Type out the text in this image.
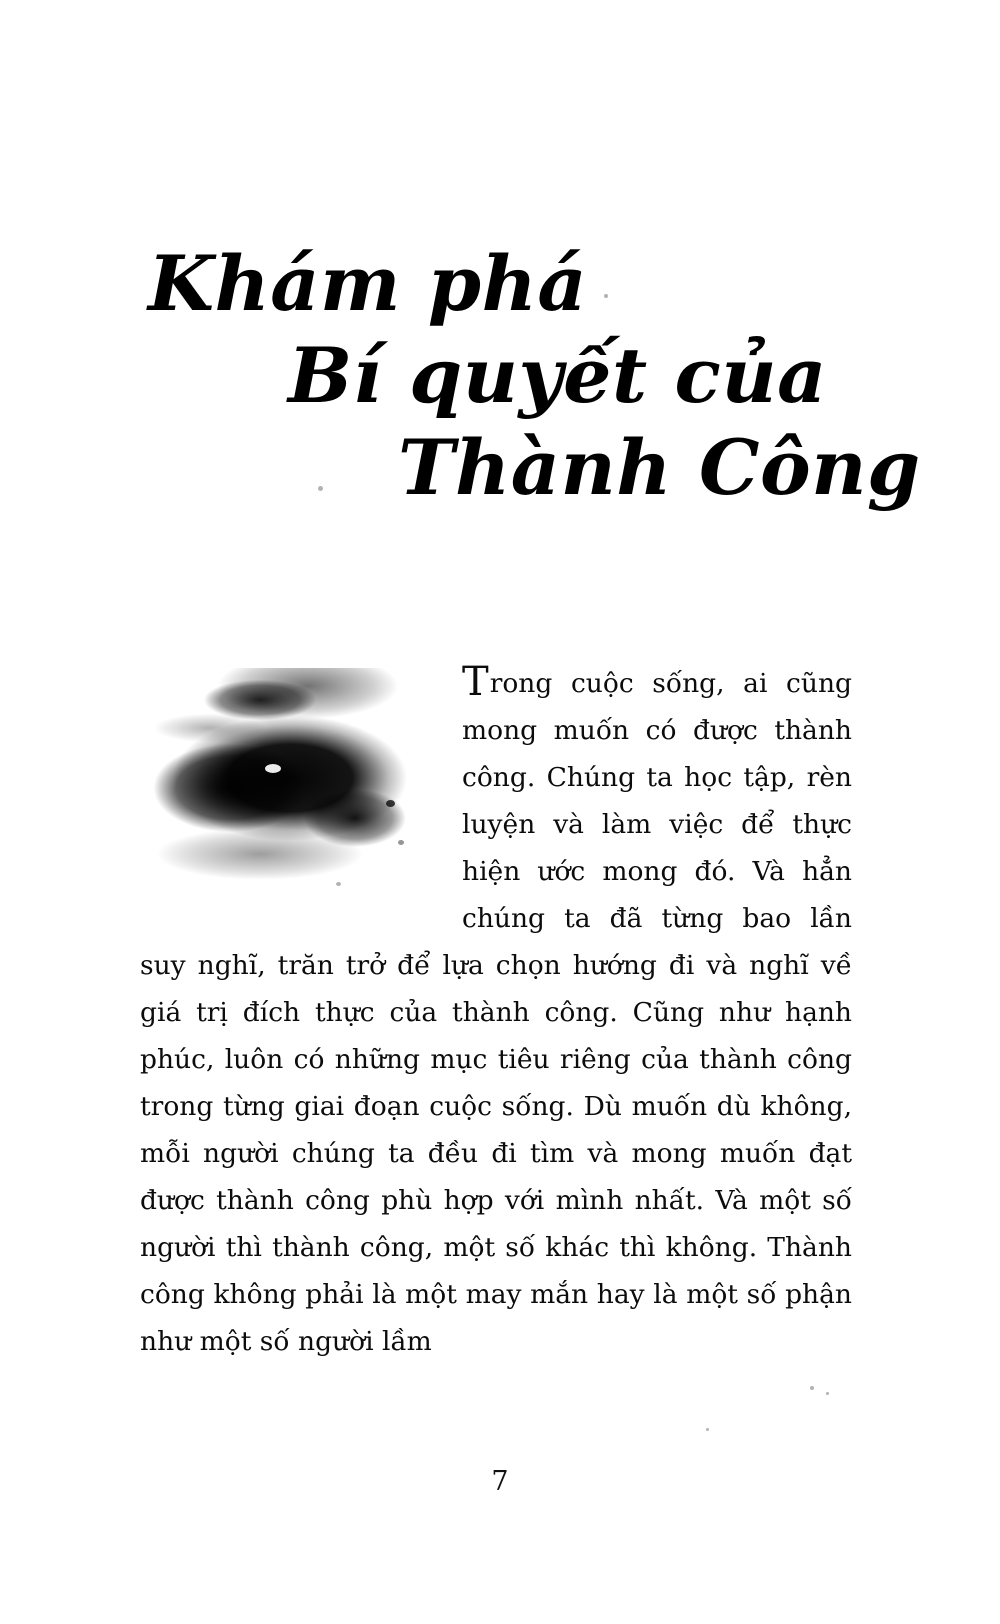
Khám phá
Bí quyết của
Thành Công
Trong cuộc sống, ai cũng mong muốn có được thành công. Chúng ta học tập, rèn luyện và làm việc để thực hiện ước mong đó. Và hẳn chúng ta đã từng bao lần suy nghĩ, trăn trở để lựa chọn hướng đi và nghĩ về giá trị đích thực của thành công. Cũng như hạnh phúc, luôn có những mục tiêu riêng của thành công trong từng giai đoạn cuộc sống. Dù muốn dù không, mỗi người chúng ta đều đi tìm và mong muốn đạt được thành công phù hợp với mình nhất. Và một số người thì thành công, một số khác thì không. Thành công không phải là một may mắn hay là một số phận như một số người lầm
7
